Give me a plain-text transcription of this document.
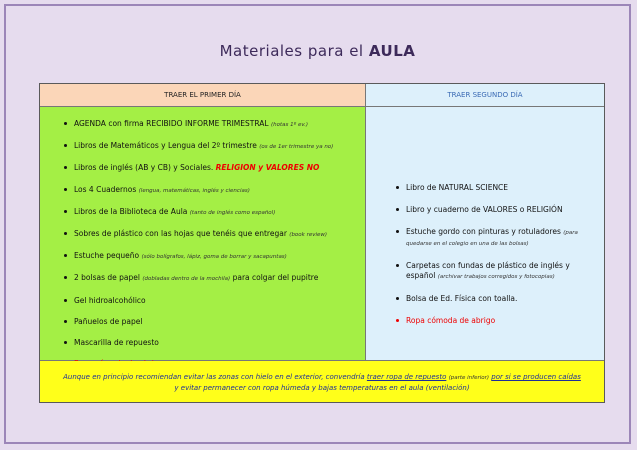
Materiales para el AULA
TRAER EL PRIMER DÍA	TRAER SEGUNDO DÍA
AGENDA con firma RECIBIDO INFORME TRIMESTRAL (hotas 1º ev.)
Libros de Matemáticos y Lengua del 2º trimestre (os de 1er trimestre ya no)
Libros de inglés (AB y CB) y Sociales. RELIGION y VALORES NO
Los 4 Cuadernos (lengua, matemáticas, inglés y ciencias)
Libros de la Biblioteca de Aula (tanto de inglés como español)
Sobres de plástico con las hojas que tenéis que entregar (book review)
Estuche pequeño (sólo bolígrafos, lápiz, goma de borrar y sacapuntas)
2 bolsas de papel (dobladas dentro de la mochila) para colgar del pupitre
Gel hidroalcohólico
Pañuelos de papel
Mascarilla de repuesto
Libro de NATURAL SCIENCE
Libro y cuaderno de VALORES o RELIGIÓN
Estuche gordo con pinturas y rotuladores (para quedarse en el colegio en una de las bolsas)
Carpetas con fundas de plástico de inglés y español (archivar trabajos corregidos y fotocopias)
Bolsa de Ed. Física con toalla.
Ropa cómoda de abrigo
Aunque en principio recomiendan evitar las zonas con hielo en el exterior, convendría traer ropa de repuesto (parte inferior) por si se producen caídas y evitar permanecer con ropa húmeda y bajas temperaturas en el aula (ventilación)
